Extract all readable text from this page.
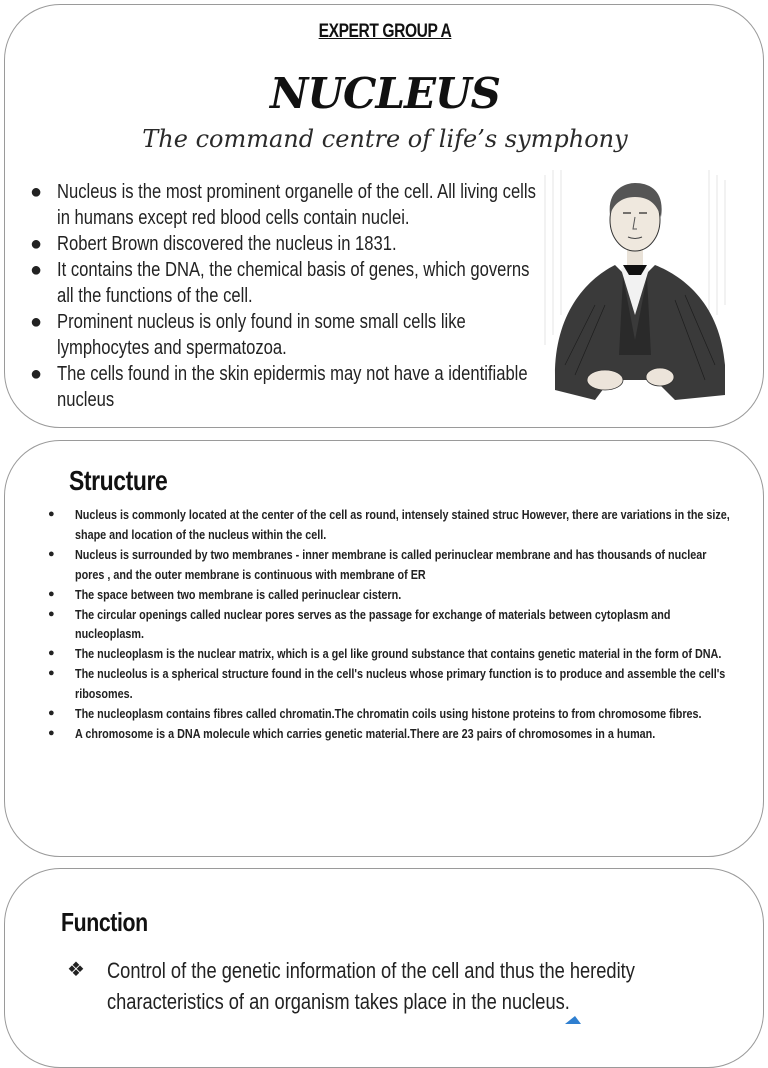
EXPERT GROUP A
NUCLEUS
The command centre of life’s symphony
● Nucleus is the most prominent organelle of the cell. All living cells in humans except red blood cells contain nuclei.
● Robert Brown discovered the nucleus in 1831.
● It contains the DNA, the chemical basis of genes, which governs all the functions of the cell.
● Prominent nucleus is only found in some small cells like lymphocytes and spermatozoa.
● The cells found in the skin epidermis may not have a identifiable nucleus
Structure
● Nucleus is commonly located at the center of the cell as round, intensely stained struc However, there are variations in the size, shape and location of the nucleus within the cell.
● Nucleus is surrounded by two membranes - inner membrane is called perinuclear membrane and has thousands of nuclear pores , and the outer membrane is continuous with membrane of ER
● The space between two membrane is called perinuclear cistern.
● The circular openings called nuclear pores serves as the passage for exchange of materials between cytoplasm and nucleoplasm.
● The nucleoplasm is the nuclear matrix, which is a gel like ground substance that contains genetic material in the form of DNA.
● The nucleolus is a spherical structure found in the cell's nucleus whose primary function is to produce and assemble the cell's ribosomes.
● The nucleoplasm contains fibres called chromatin.The chromatin coils using histone proteins to from chromosome fibres.
● A chromosome is a DNA molecule which carries genetic material.There are 23 pairs of chromosomes in a human.
Function
❖ Control of the genetic information of the cell and thus the heredity characteristics of an organism takes place in the nucleus.
